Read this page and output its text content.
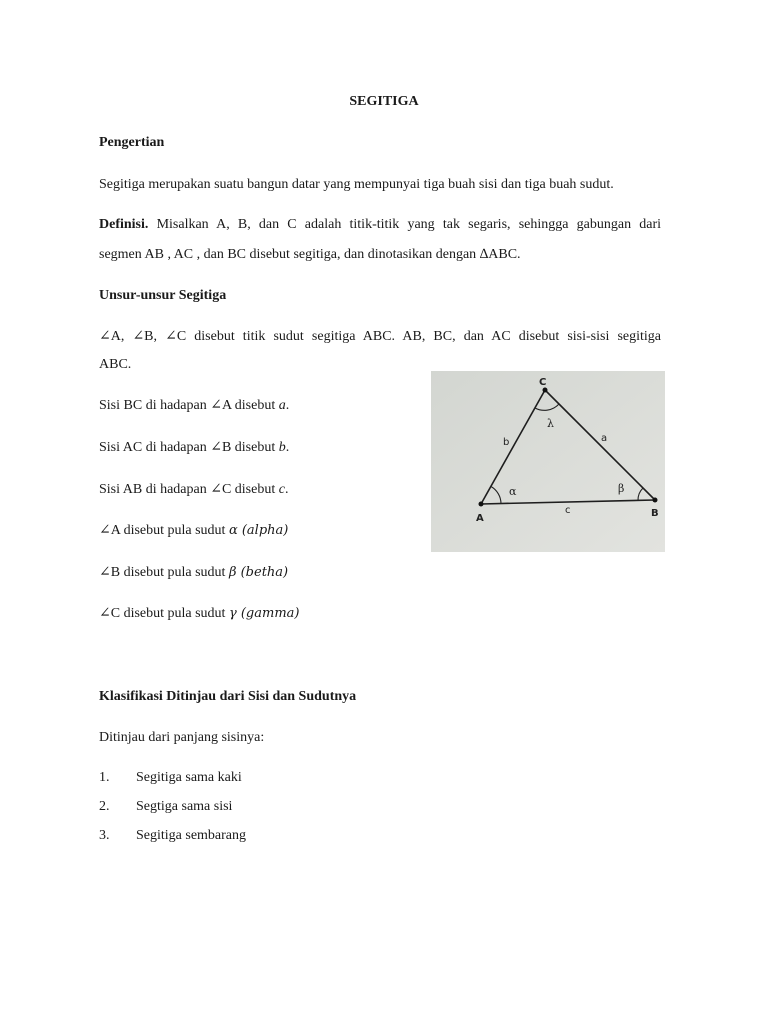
SEGITIGA
Pengertian
Segitiga merupakan suatu bangun datar yang mempunyai tiga buah sisi dan tiga buah sudut.
Definisi. Misalkan A, B, dan C adalah titik-titik yang tak segaris, sehingga gabungan dari
segmen AB , AC , dan BC disebut segitiga, dan dinotasikan dengan ∆ABC.
Unsur-unsur Segitiga
∠A, ∠B, ∠C disebut titik sudut segitiga ABC. AB, BC, dan AC disebut sisi-sisi segitiga
ABC.
Sisi BC di hadapan ∠A disebut a.
Sisi AC di hadapan ∠B disebut b.
Sisi AB di hadapan ∠C disebut c.
∠A disebut pula sudut α (alpha)
∠B disebut pula sudut β (betha)
∠C disebut pula sudut γ (gamma)
C
A	B
b	a
c
α	β
λ
Klasifikasi Ditinjau dari Sisi dan Sudutnya
Ditinjau dari panjang sisinya:
1. Segitiga sama kaki
2. Segtiga sama sisi
3. Segitiga sembarang
